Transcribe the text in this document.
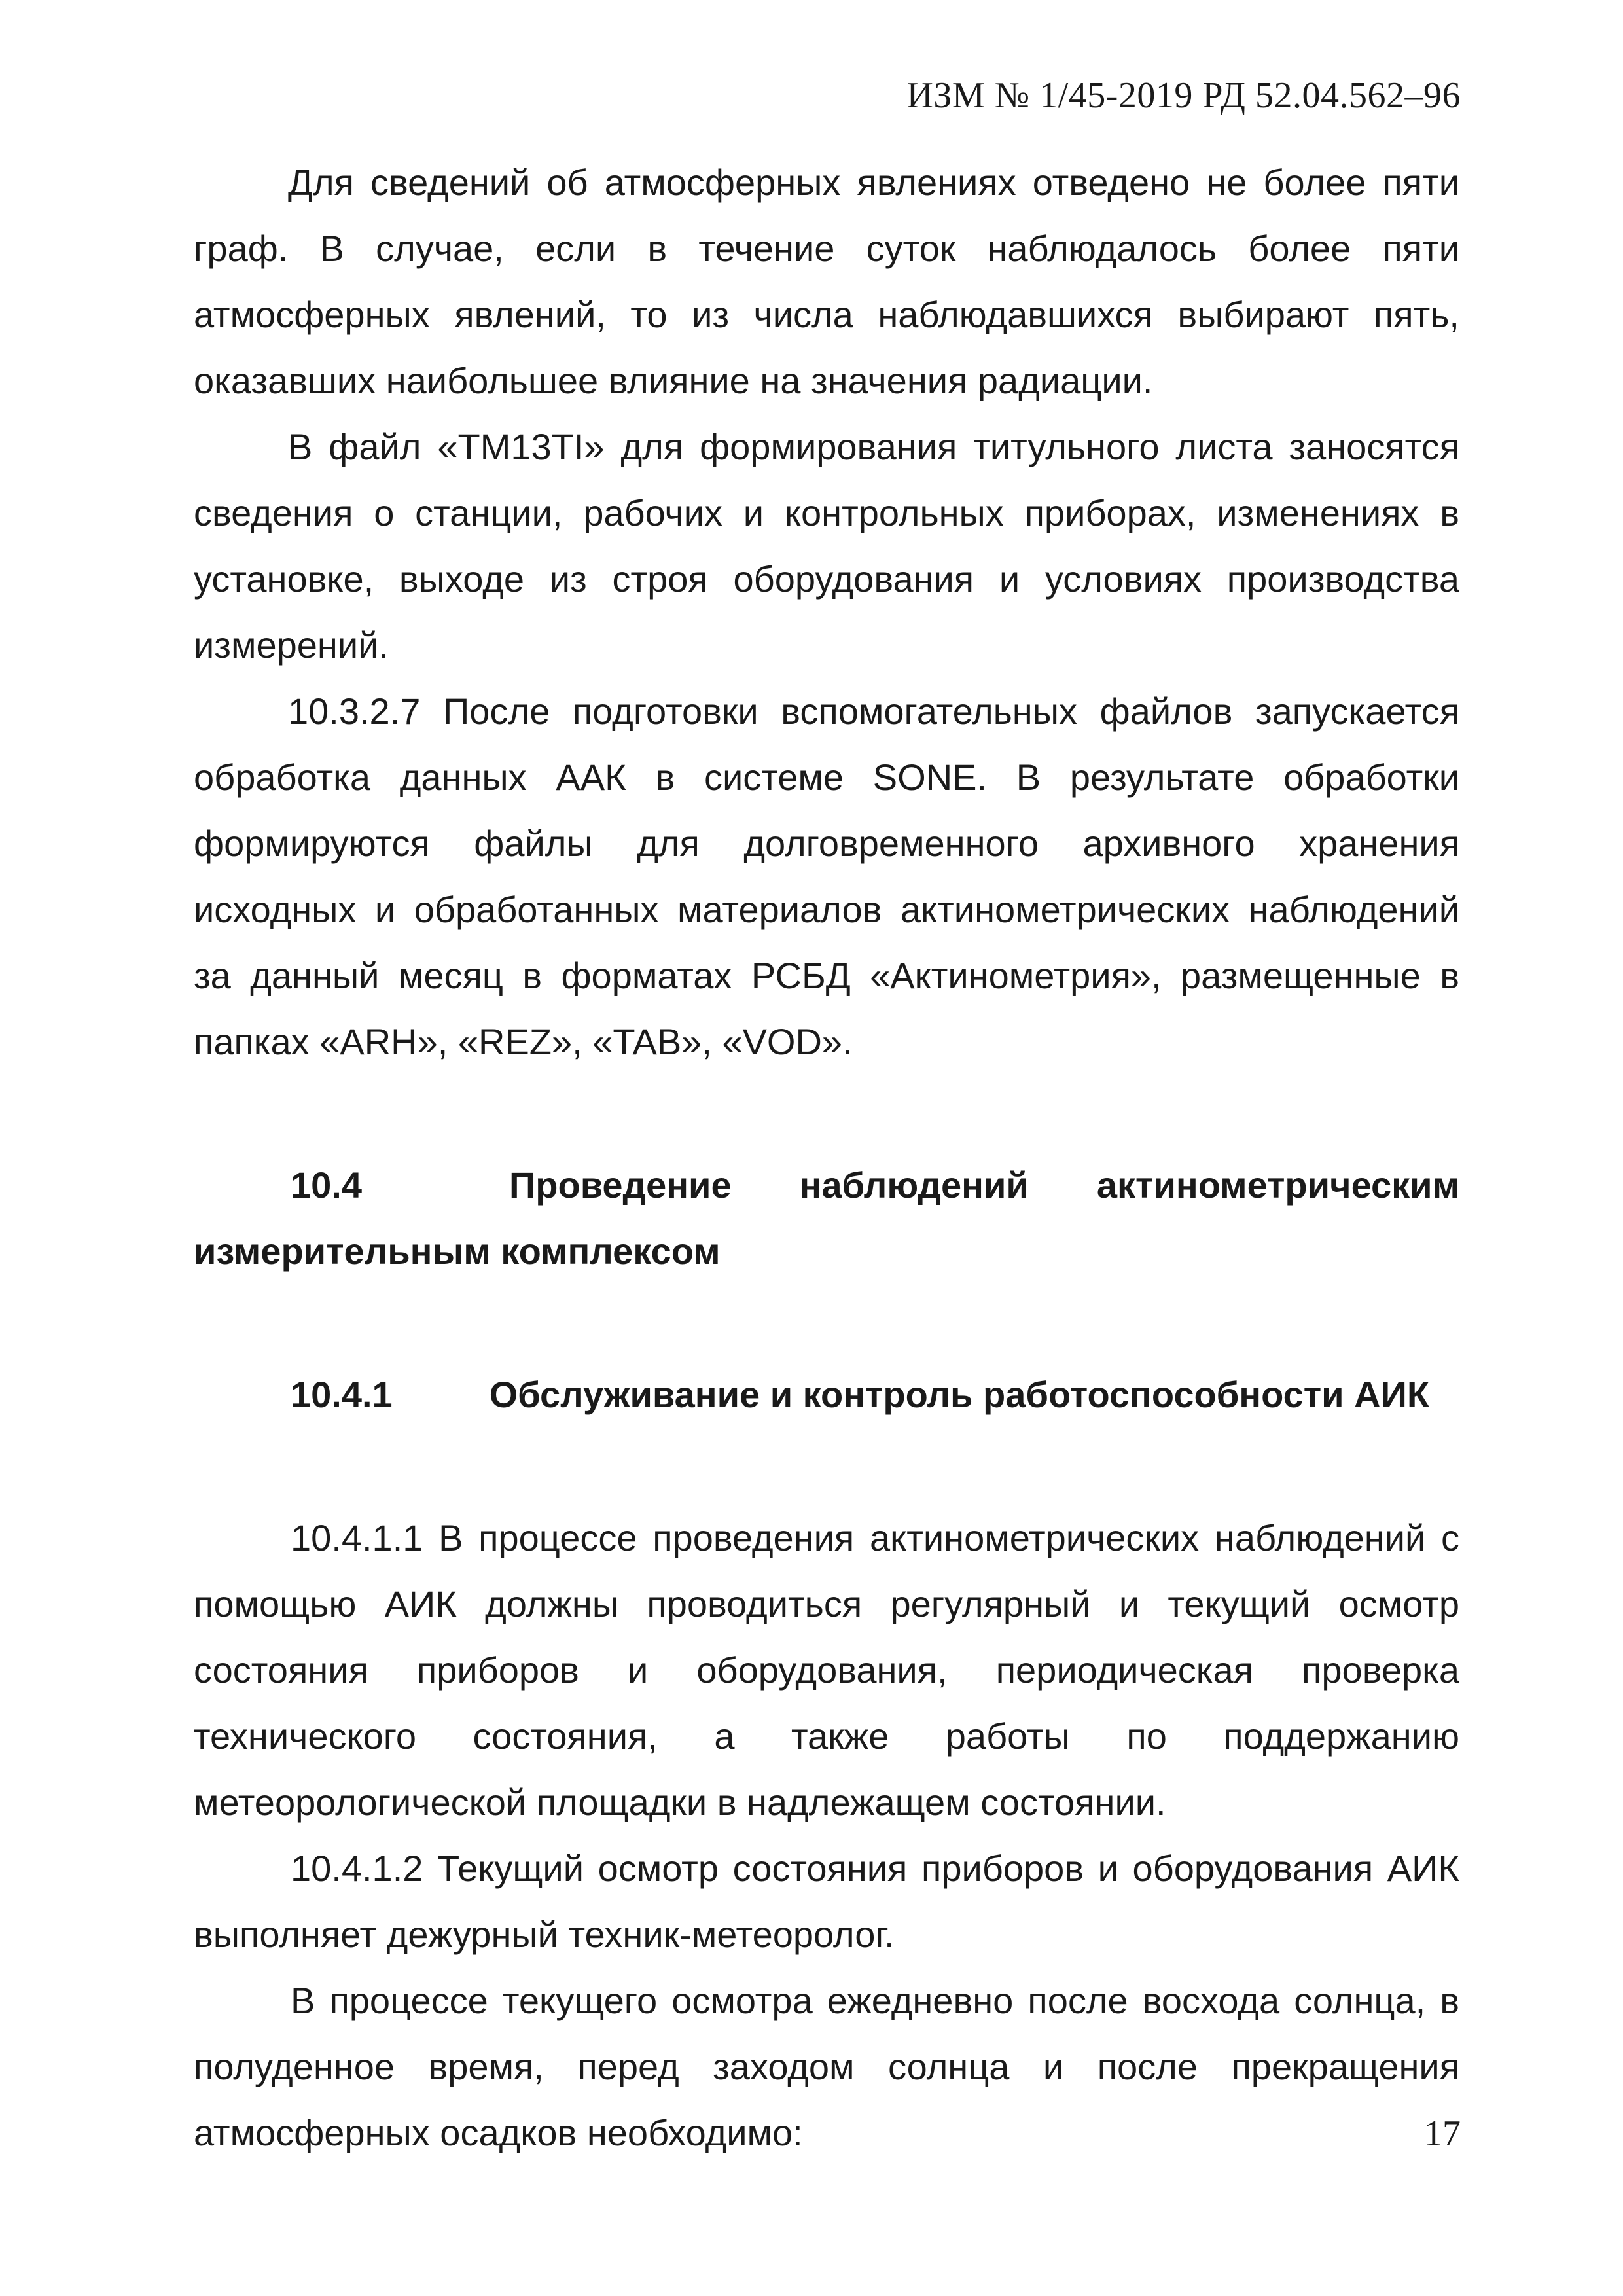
ИЗМ № 1/45-2019 РД 52.04.562–96

Для сведений об атмосферных явлениях отведено не более пяти граф. В случае, если в течение суток наблюдалось более пяти атмосферных явлений, то из числа наблюдавшихся выбирают пять, оказавших наибольшее влияние на значения радиации.

В файл «TM13TI» для формирования титульного листа заносятся сведения о станции, рабочих и контрольных приборах, изменениях в установке, выходе из строя оборудования и условиях производства измерений.

10.3.2.7 После подготовки вспомогательных файлов запускается обработка данных ААК в системе SONE. В результате обработки формируются файлы для долговременного архивного хранения исходных и обработанных материалов актинометрических наблюдений за данный месяц в форматах РСБД «Актинометрия», размещенные в папках «ARH», «REZ», «TAB», «VOD».

10.4	Проведение наблюдений актинометрическим измерительным комплексом

10.4.1	Обслуживание и контроль работоспособности АИК

10.4.1.1 В процессе проведения актинометрических наблюдений с помощью АИК должны проводиться регулярный и текущий осмотр состояния приборов и оборудования, периодическая проверка технического состояния, а также работы по поддержанию метеорологической площадки в надлежащем состоянии.

10.4.1.2 Текущий осмотр состояния приборов и оборудования АИК выполняет дежурный техник-метеоролог.

В процессе текущего осмотра ежедневно после восхода солнца, в полуденное время, перед заходом солнца и после прекращения атмосферных осадков необходимо:	17
